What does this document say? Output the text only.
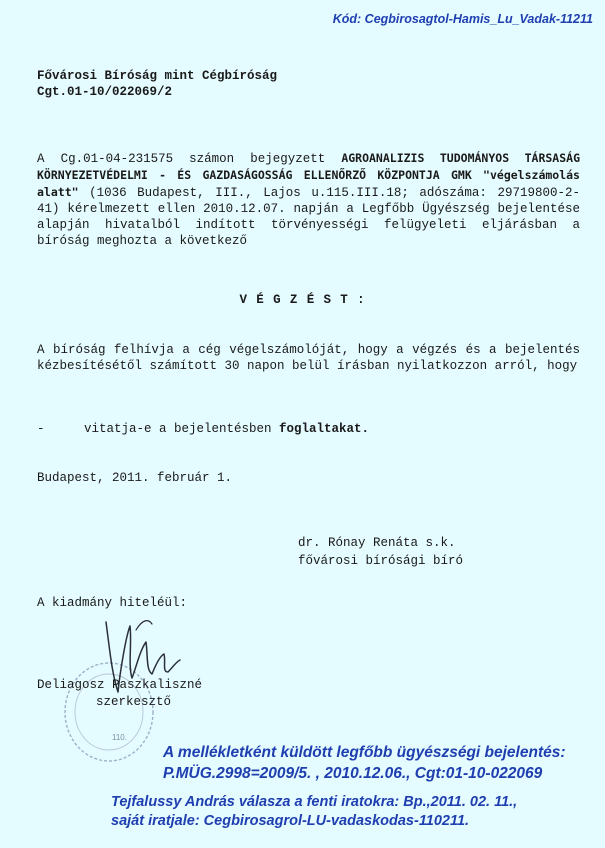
Kód: Cegbirosagtol-Hamis_Lu_Vadak-11211
Fővárosi Bíróság mint Cégbíróság
Cgt.01-10/022069/2
A Cg.01-04-231575 számon bejegyzett AGROANALIZIS TUDOMÁNYOS TÁRSASÁG KÖRNYEZETVÉDELMI - ÉS GAZDASÁGOSSÁG ELLENŐRZŐ KÖZPONTJA GMK "végelszámolás alatt" (1036 Budapest, III., Lajos u.115.III.18; adószáma: 29719800-2-41) kérelmezett ellen 2010.12.07. napján a Legfőbb Ügyészség bejelentése alapján hivatalból indított törvényességi felügyeleti eljárásban a bíróság meghozta a következő
V É G Z É S T :
A bíróság felhívja a cég végelszámolóját, hogy a végzés és a bejelentés kézbesítésétől számított 30 napon belül írásban nyilatkozzon arról, hogy
-	vitatja-e a bejelentésben foglaltakat.
Budapest, 2011. február 1.
dr. Rónay Renáta s.k.
fővárosi bírósági bíró
A kiadmány hiteléül:
110.
Deliagosz Paszkaliszné
szerkesztő
A mellékletként küldött legfőbb ügyészségi bejelentés:
P.MÜG.2998=2009/5. , 2010.12.06., Cgt:01-10-022069
Tejfalussy András válasza a fenti iratokra: Bp.,2011. 02. 11.,
saját iratjale: Cegbirosagrol-LU-vadaskodas-110211.
